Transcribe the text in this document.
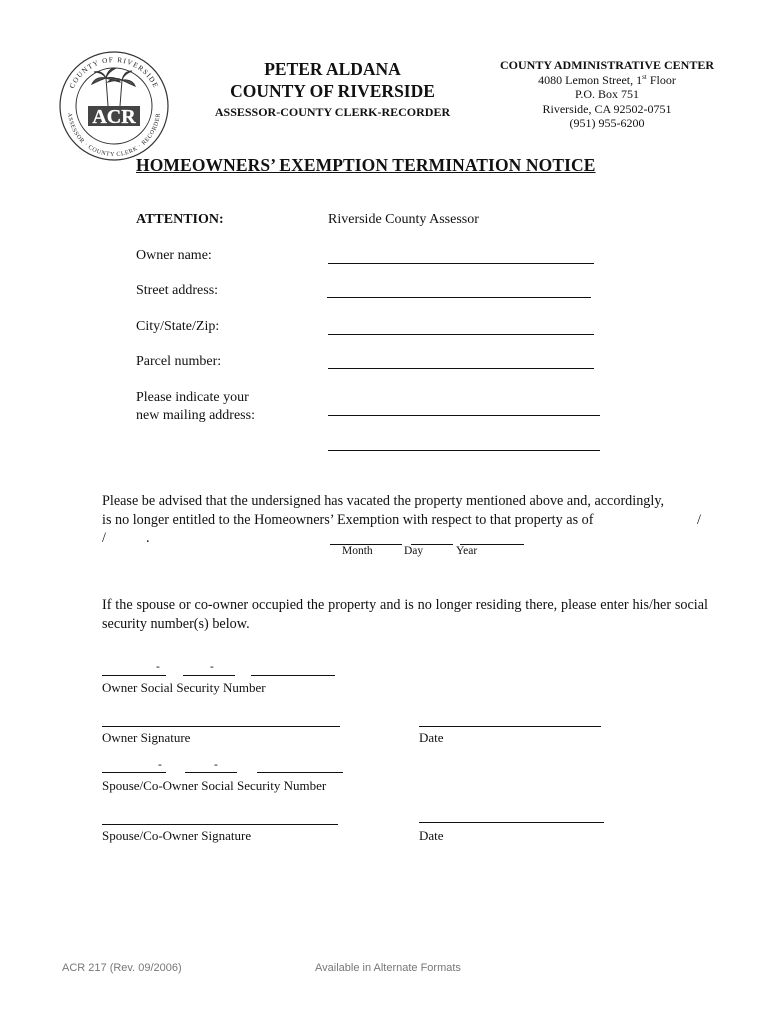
COUNTY OF RIVERSIDE
ASSESSOR · COUNTY CLERK · RECORDER
ACR
PETER ALDANA
COUNTY OF RIVERSIDE
ASSESSOR-COUNTY CLERK-RECORDER
COUNTY ADMINISTRATIVE CENTER
4080 Lemon Street, 1st Floor
P.O. Box 751
Riverside, CA 92502-0751
(951) 955-6200
HOMEOWNERS’ EXEMPTION TERMINATION NOTICE
ATTENTION:	Riverside County Assessor
Owner name:
Street address:
City/State/Zip:
Parcel number:
Please indicate your
new mailing address:
Please be advised that the undersigned has vacated the property mentioned above and, accordingly,
is no longer entitled to the Homeowners’ Exemption with respect to that property as of	/
/	.
Month	Day	Year
If the spouse or co-owner occupied the property and is no longer residing there, please enter his/her social security number(s) below.
-	-
Owner Social Security Number
Owner Signature	Date
-	-
Spouse/Co-Owner Social Security Number
Spouse/Co-Owner Signature	Date
ACR 217 (Rev. 09/2006)	Available in Alternate Formats
